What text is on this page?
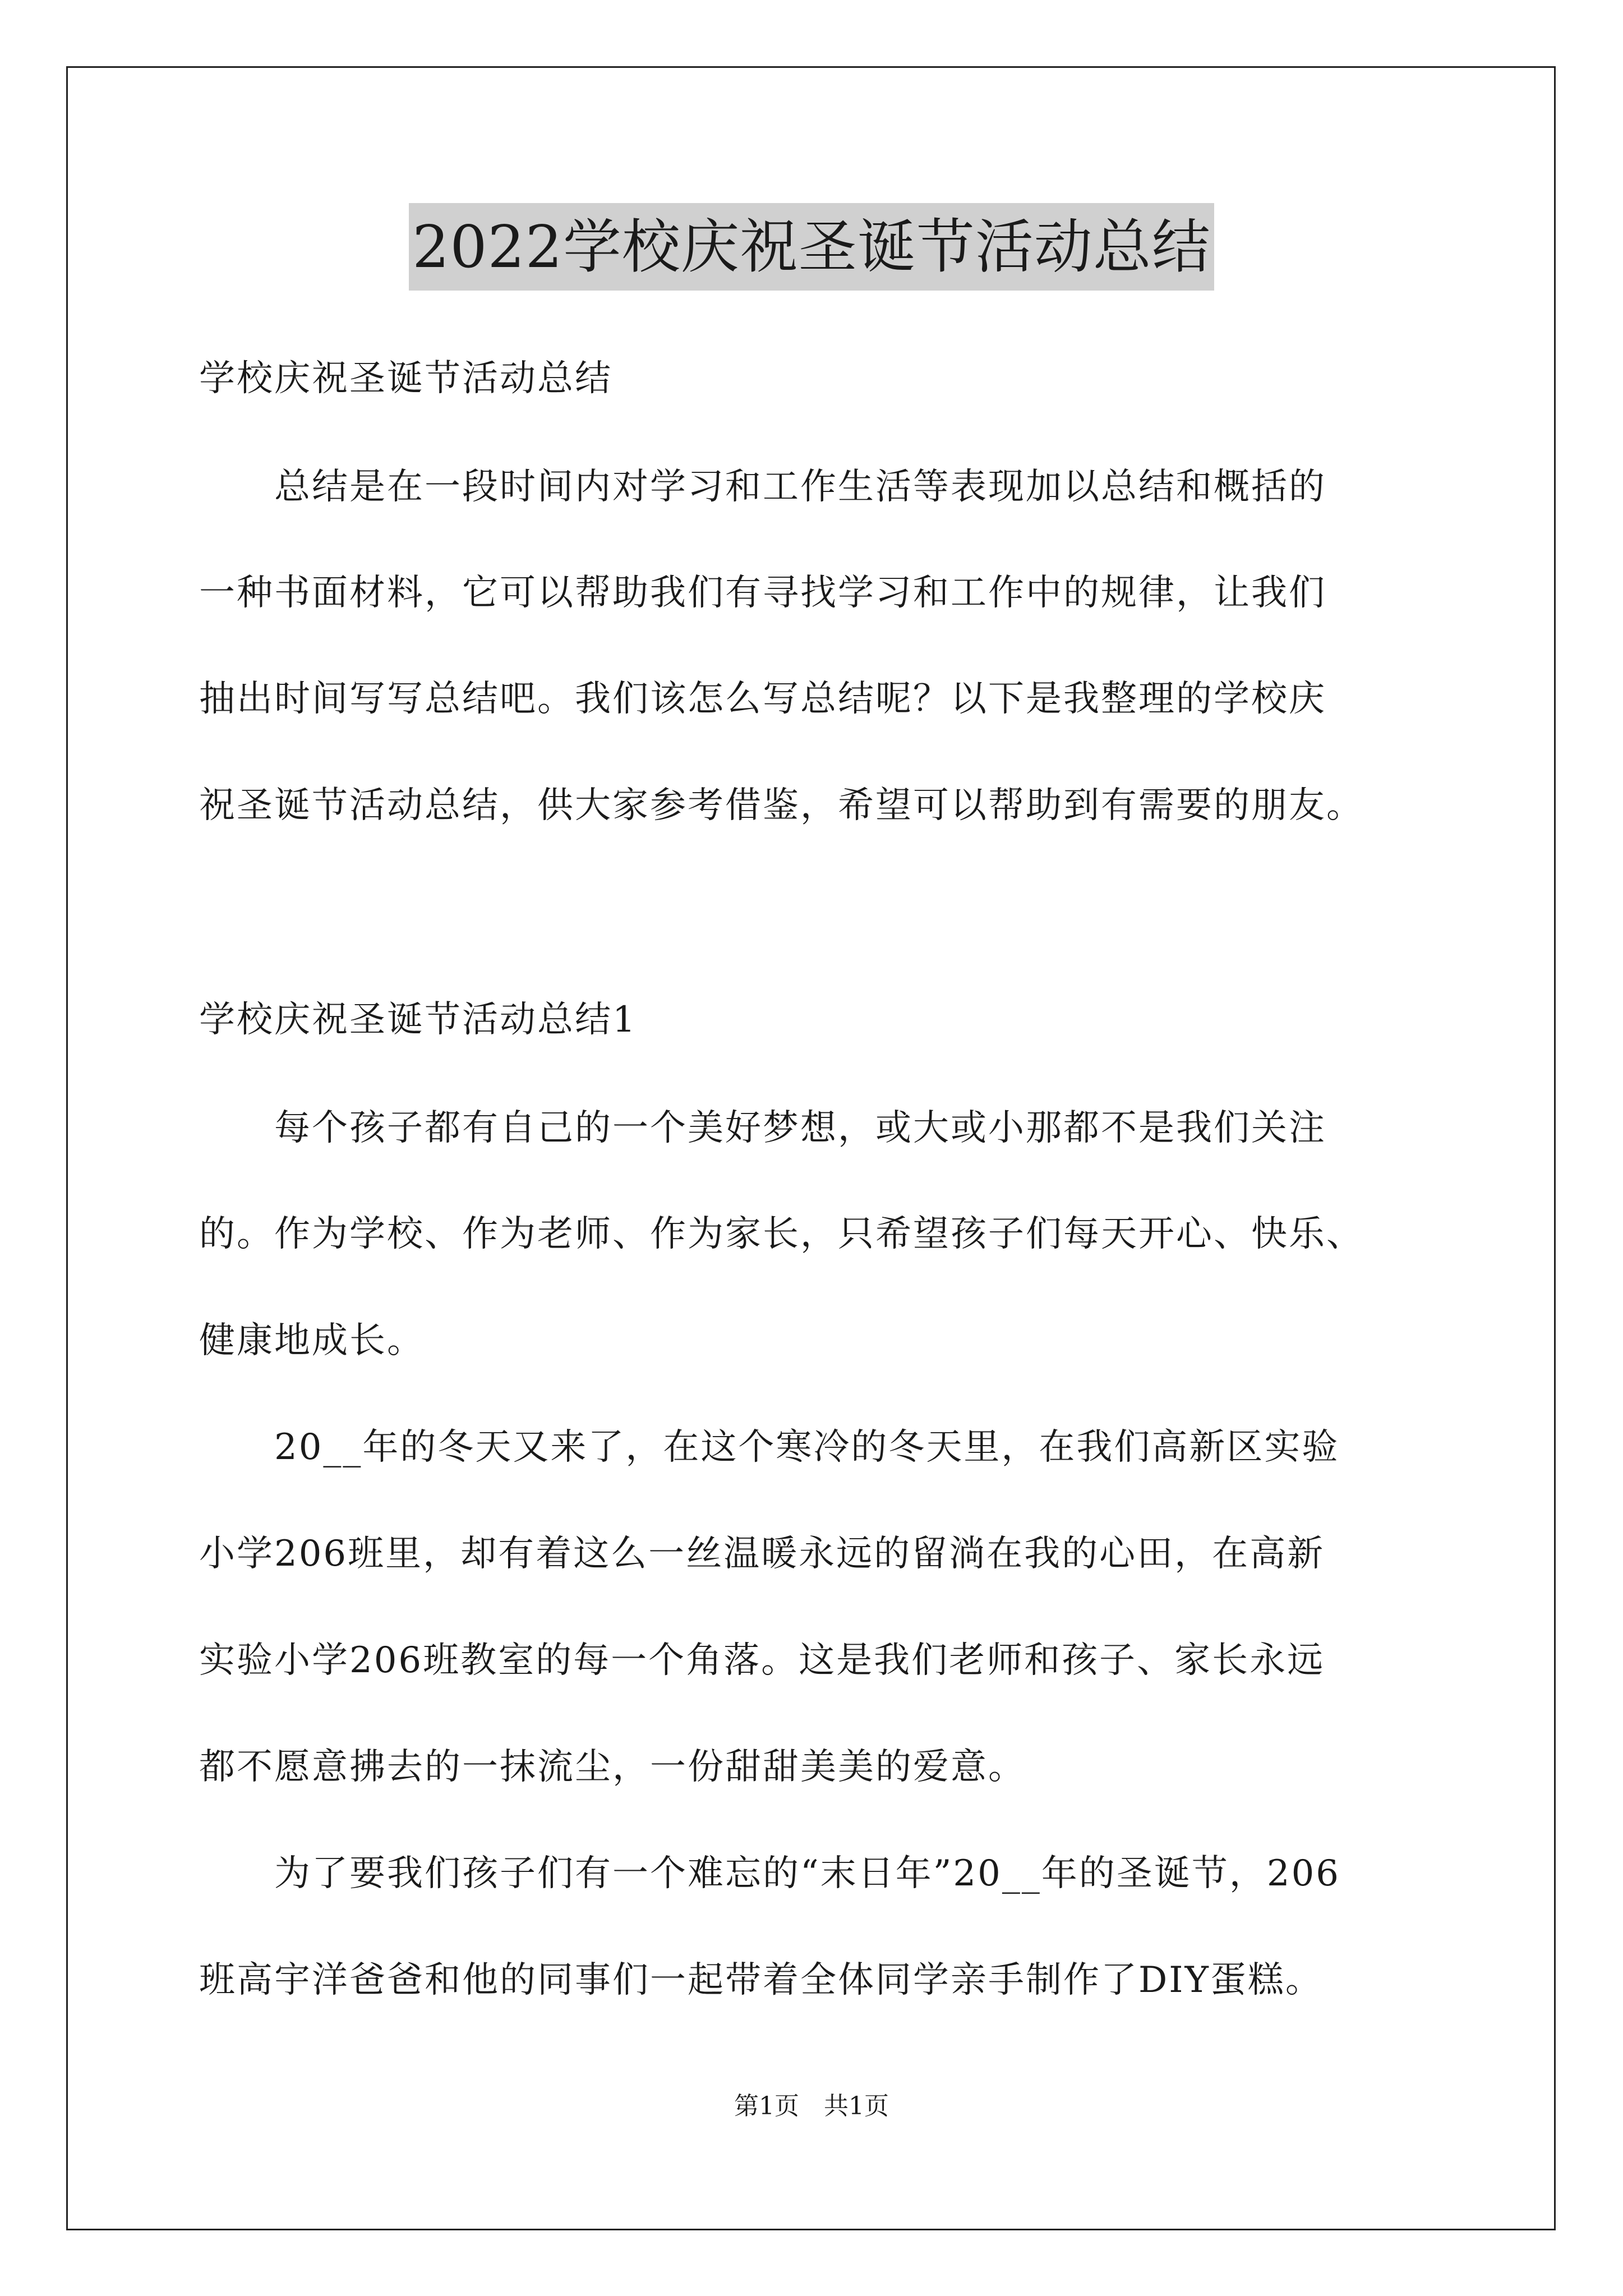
2022学校庆祝圣诞节活动总结
学校庆祝圣诞节活动总结
　　总结是在一段时间内对学习和工作生活等表现加以总结和概括的
一种书面材料，它可以帮助我们有寻找学习和工作中的规律，让我们
抽出时间写写总结吧。我们该怎么写总结呢？以下是我整理的学校庆
祝圣诞节活动总结，供大家参考借鉴，希望可以帮助到有需要的朋友。
学校庆祝圣诞节活动总结1
　　每个孩子都有自己的一个美好梦想，或大或小那都不是我们关注
的。作为学校、作为老师、作为家长，只希望孩子们每天开心、快乐、
健康地成长。
　　20__年的冬天又来了，在这个寒冷的冬天里，在我们高新区实验
小学206班里，却有着这么一丝温暖永远的留淌在我的心田，在高新
实验小学206班教室的每一个角落。这是我们老师和孩子、家长永远
都不愿意拂去的一抹流尘，一份甜甜美美的爱意。
　　为了要我们孩子们有一个难忘的“末日年”20__年的圣诞节，206
班高宇洋爸爸和他的同事们一起带着全体同学亲手制作了DIY蛋糕。
第1页　共1页
